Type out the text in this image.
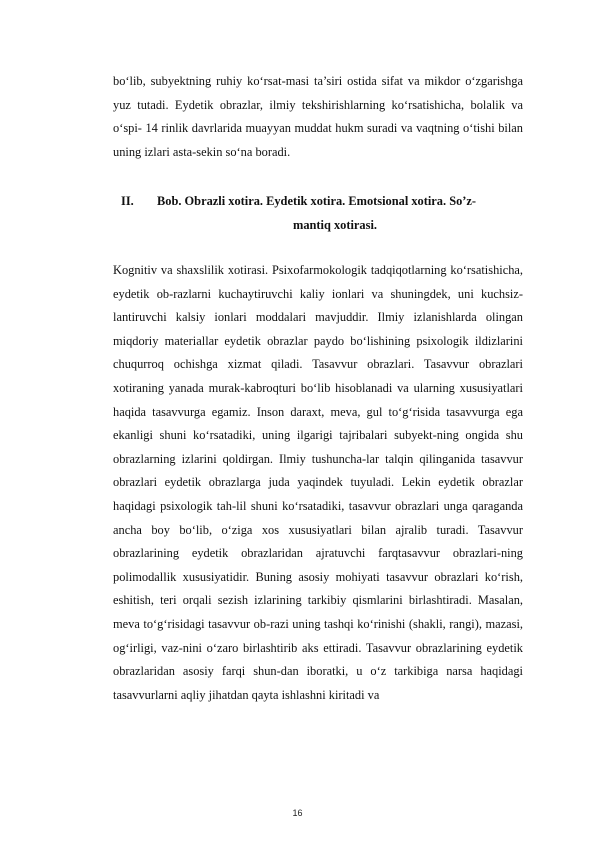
bo‘lib, subyektning ruhiy ko‘rsat-masi ta’siri ostida sifat va mikdor o‘zgarishga yuz tutadi. Eydetik obrazlar, ilmiy tekshirishlarning ko‘rsatishicha, bolalik va o‘spi- 14 rinlik davrlarida muayyan muddat hukm suradi va vaqtning o‘tishi bilan uning izlari asta-sekin so‘na boradi.

II. Bob. Obrazli xotira. Eydetik xotira. Emotsional xotira. So’z-
mantiq xotirasi.

Kognitiv va shaxslilik xotirasi. Psixofarmokologik tadqiqotlarning ko‘rsatishicha, eydetik ob-razlarni kuchaytiruvchi kaliy ionlari va shuningdek, uni kuchsiz-lantiruvchi kalsiy ionlari moddalari mavjuddir. Ilmiy izlanishlarda olingan miqdoriy materiallar eydetik obrazlar paydo bo‘lishining psixologik ildizlarini chuqurroq ochishga xizmat qiladi. Tasavvur obrazlari. Tasavvur obrazlari xotiraning yanada murak-kabroqturi bo‘lib hisoblanadi va ularning xususiyatlari haqida tasavvurga egamiz. Inson daraxt, meva, gul to‘g‘risida tasavvurga ega ekanligi shuni ko‘rsatadiki, uning ilgarigi tajribalari subyekt-ning ongida shu obrazlarning izlarini qoldirgan. Ilmiy tushuncha-lar talqin qilinganida tasavvur obrazlari eydetik obrazlarga juda yaqindek tuyuladi. Lekin eydetik obrazlar haqidagi psixologik tah-lil shuni ko‘rsatadiki, tasavvur obrazlari unga qaraganda ancha boy bo‘lib, o‘ziga xos xususiyatlari bilan ajralib turadi. Tasavvur obrazlarining eydetik obrazlaridan ajratuvchi farqtasavvur obrazlari-ning polimodallik xususiyatidir. Buning asosiy mohiyati tasavvur obrazlari ko‘rish, eshitish, teri orqali sezish izlarining tarkibiy qismlarini birlashtiradi. Masalan, meva to‘g‘risidagi tasavvur ob-razi uning tashqi ko‘rinishi (shakli, rangi), mazasi, og‘irligi, vaz-nini o‘zaro birlashtirib aks ettiradi. Tasavvur obrazlarining eydetik obrazlaridan asosiy farqi shun-dan iboratki, u o‘z tarkibiga narsa haqidagi tasavvurlarni aqliy jihatdan qayta ishlashni kiritadi va

16
